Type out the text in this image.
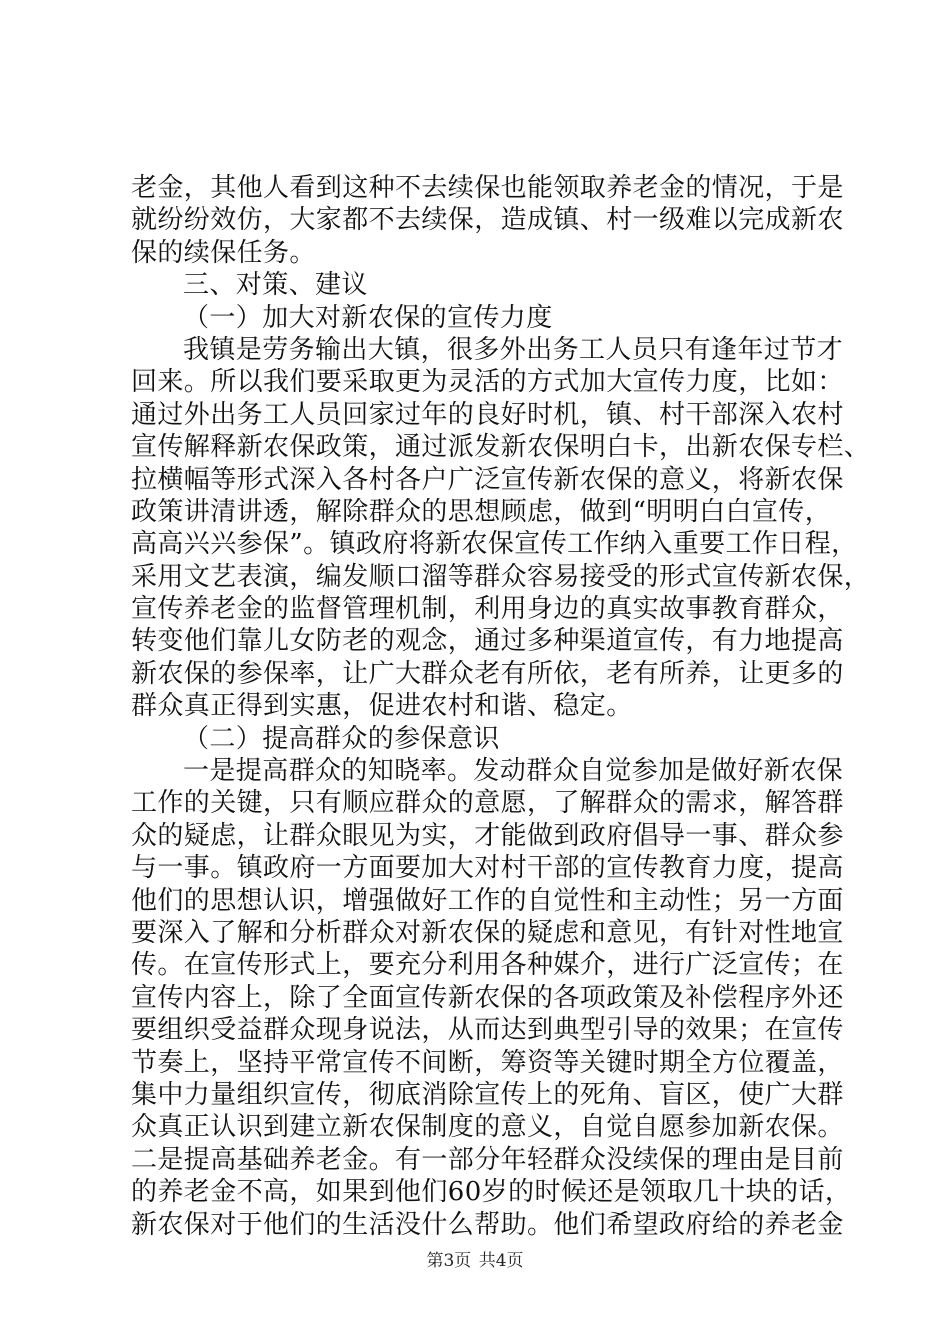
老金，其他人看到这种不去续保也能领取养老金的情况，于是
就纷纷效仿，大家都不去续保，造成镇、村一级难以完成新农
保的续保任务。
三、对策、建议
（一）加大对新农保的宣传力度
我镇是劳务输出大镇，很多外出务工人员只有逢年过节才
回来。所以我们要采取更为灵活的方式加大宣传力度，比如：
通过外出务工人员回家过年的良好时机，镇、村干部深入农村
宣传解释新农保政策，通过派发新农保明白卡，出新农保专栏、
拉横幅等形式深入各村各户广泛宣传新农保的意义，将新农保
政策讲清讲透，解除群众的思想顾虑，做到“明明白白宣传，
高高兴兴参保”。镇政府将新农保宣传工作纳入重要工作日程，
采用文艺表演，编发顺口溜等群众容易接受的形式宣传新农保，
宣传养老金的监督管理机制，利用身边的真实故事教育群众，
转变他们靠儿女防老的观念，通过多种渠道宣传，有力地提高
新农保的参保率，让广大群众老有所依，老有所养，让更多的
群众真正得到实惠，促进农村和谐、稳定。
（二）提高群众的参保意识
一是提高群众的知晓率。发动群众自觉参加是做好新农保
工作的关键，只有顺应群众的意愿，了解群众的需求，解答群
众的疑虑，让群众眼见为实，才能做到政府倡导一事、群众参
与一事。镇政府一方面要加大对村干部的宣传教育力度，提高
他们的思想认识，增强做好工作的自觉性和主动性；另一方面
要深入了解和分析群众对新农保的疑虑和意见，有针对性地宣
传。在宣传形式上，要充分利用各种媒介，进行广泛宣传；在
宣传内容上，除了全面宣传新农保的各项政策及补偿程序外还
要组织受益群众现身说法，从而达到典型引导的效果；在宣传
节奏上，坚持平常宣传不间断，筹资等关键时期全方位覆盖，
集中力量组织宣传，彻底消除宣传上的死角、盲区，使广大群
众真正认识到建立新农保制度的意义，自觉自愿参加新农保。
二是提高基础养老金。有一部分年轻群众没续保的理由是目前
的养老金不高，如果到他们60岁的时候还是领取几十块的话，
新农保对于他们的生活没什么帮助。他们希望政府给的养老金
第3页 共4页
